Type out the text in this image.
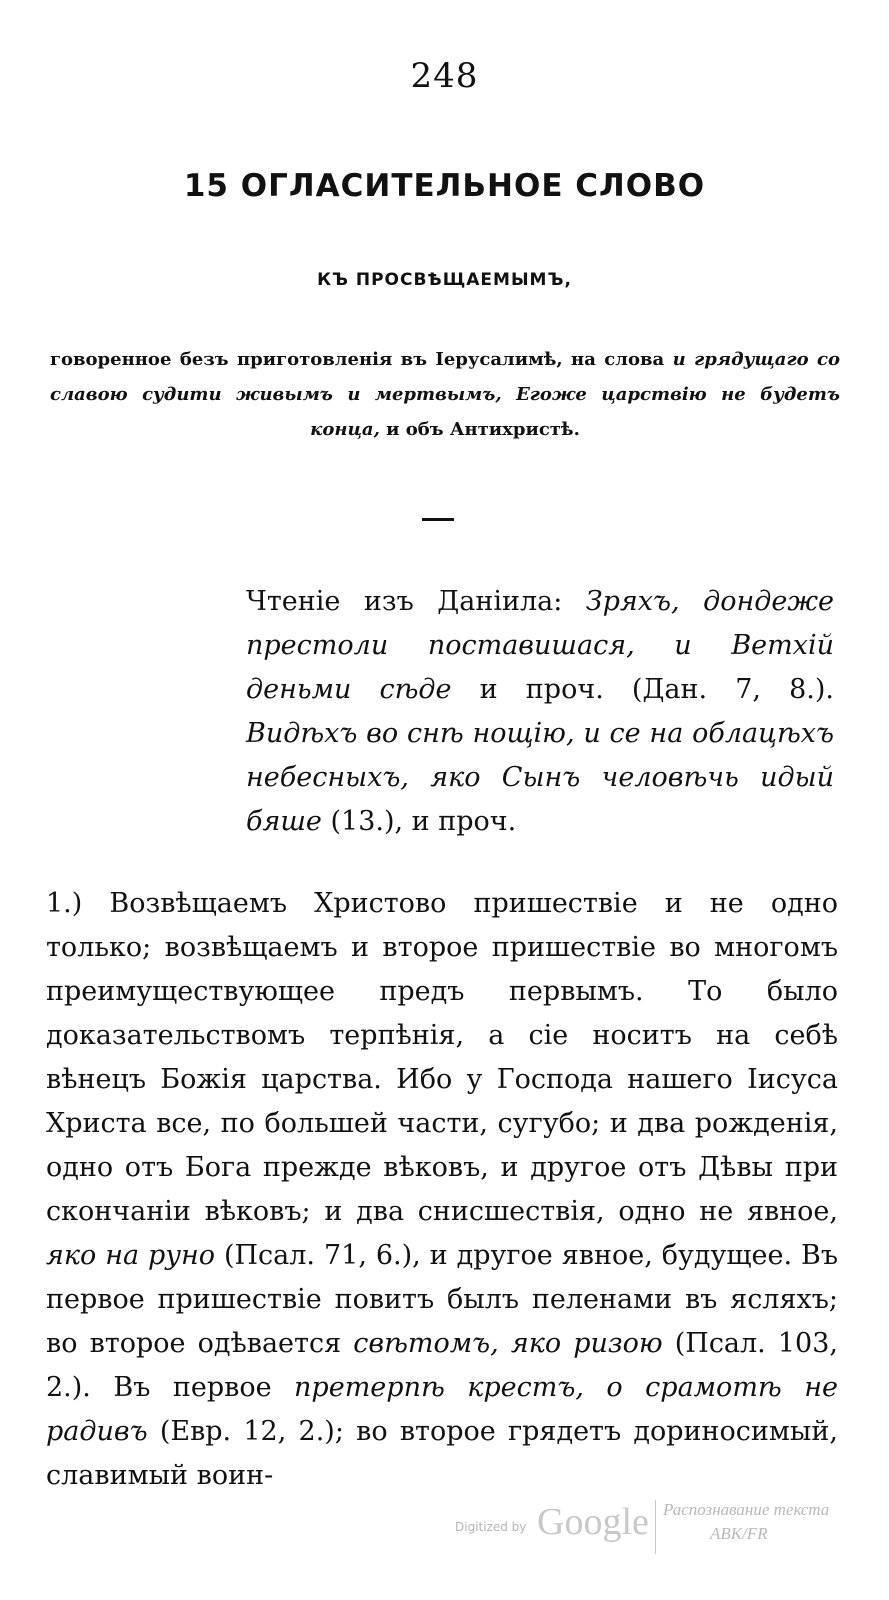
248
15 ОГЛАСИТЕЛЬНОЕ СЛОВО
КЪ ПРОСВѢЩАЕМЫМЪ,
говоренное безъ приготовленія въ Іерусалимѣ, на слова и грядущаго со славою судити живымъ и мертвымъ, Егоже царствію не будетъ конца, и объ Антихристѣ.
Чтеніе изъ Даніила: Зряхъ, дондеже престоли поставишася, и Ветхій деньми сѣде и проч. (Дан. 7, 8.). Видѣхъ во снѣ нощію, и се на облацѣхъ небесныхъ, яко Сынъ человѣчь идый бяше (13.), и проч.
1.) Возвѣщаемъ Христово пришествіе и не одно только; возвѣщаемъ и второе пришествіе во многомъ преимуществующее предъ первымъ. То было доказательствомъ терпѣнія, а сіе носитъ на себѣ вѣнецъ Божія царства. Ибо у Господа нашего Іисуса Христа все, по большей части, сугубо; и два рожденія, одно отъ Бога прежде вѣковъ, и другое отъ Дѣвы при скончаніи вѣковъ; и два снисшествія, одно не явное, яко на руно (Псал. 71, 6.), и другое явное, будущее. Въ первое пришествіе повитъ былъ пеленами въ ясляхъ; во второе одѣвается свѣтомъ, яко ризою (Псал. 103, 2.). Въ первое претерпѣ крестъ, о срамотѣ не радивъ (Евр. 12, 2.); во второе грядетъ дориносимый, славимый воин-
Digitized by Google Распознавание текста
ABK/FR
